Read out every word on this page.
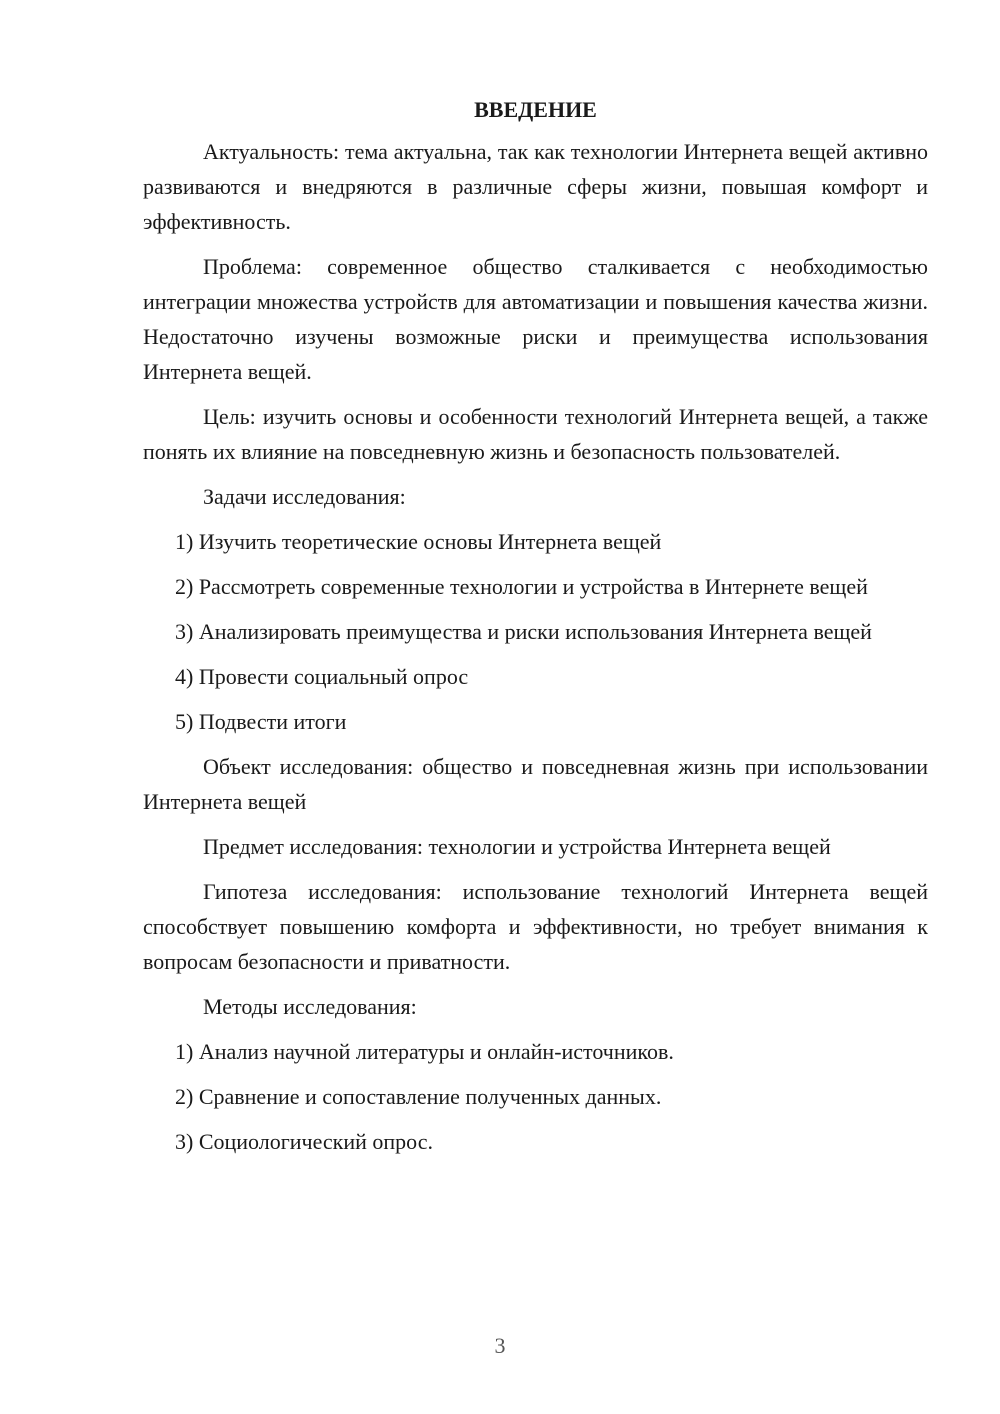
ВВЕДЕНИЕ

Актуальность: тема актуальна, так как технологии Интернета вещей активно развиваются и внедряются в различные сферы жизни, повышая комфорт и эффективность.

Проблема: современное общество сталкивается с необходимостью интеграции множества устройств для автоматизации и повышения качества жизни. Недостаточно изучены возможные риски и преимущества использования Интернета вещей.

Цель: изучить основы и особенности технологий Интернета вещей, а также понять их влияние на повседневную жизнь и безопасность пользователей.

Задачи исследования:

1) Изучить теоретические основы Интернета вещей

2) Рассмотреть современные технологии и устройства в Интернете вещей

3) Анализировать преимущества и риски использования Интернета вещей

4) Провести социальный опрос

5) Подвести итоги

Объект исследования: общество и повседневная жизнь при использовании Интернета вещей

Предмет исследования: технологии и устройства Интернета вещей

Гипотеза исследования: использование технологий Интернета вещей способствует повышению комфорта и эффективности, но требует внимания к вопросам безопасности и приватности.

Методы исследования:

1) Анализ научной литературы и онлайн-источников.

2) Сравнение и сопоставление полученных данных.

3) Социологический опрос.

3
